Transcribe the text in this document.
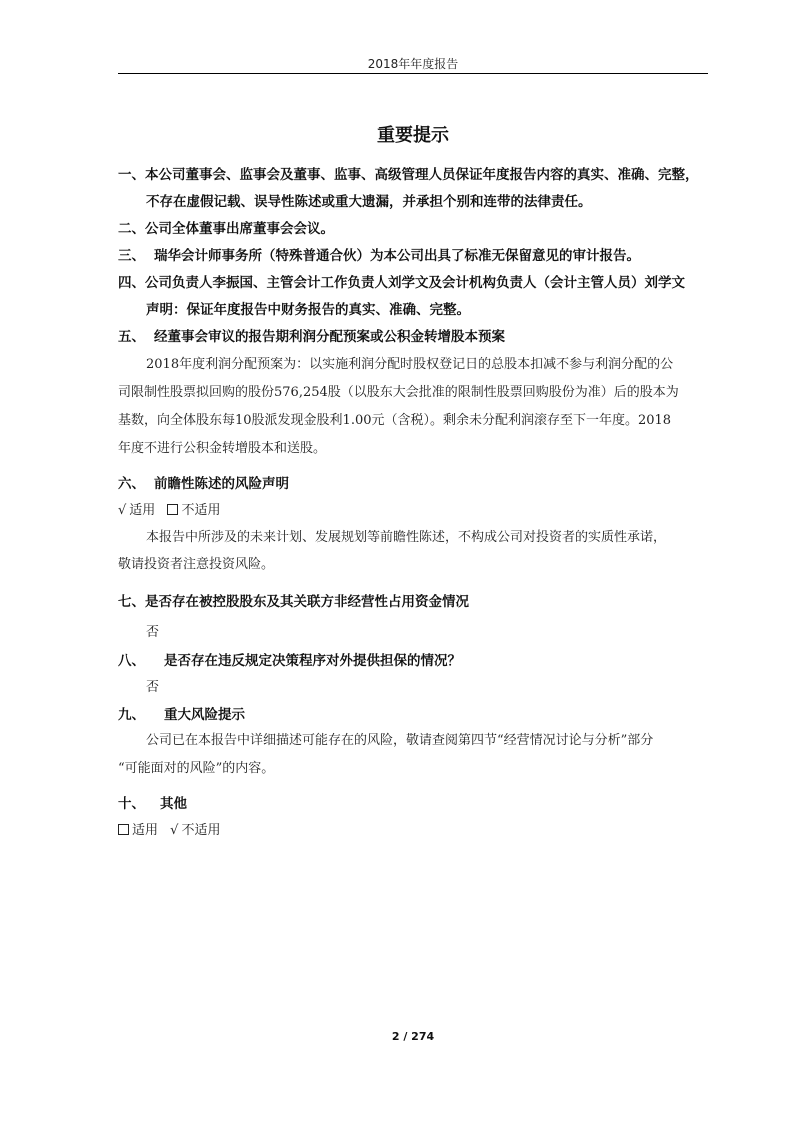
2018年年度报告
重要提示
一、本公司董事会、监事会及董事、监事、高级管理人员保证年度报告内容的真实、准确、完整，
不存在虚假记载、误导性陈述或重大遗漏，并承担个别和连带的法律责任。
二、公司全体董事出席董事会会议。
三、 瑞华会计师事务所（特殊普通合伙）为本公司出具了标准无保留意见的审计报告。
四、公司负责人李振国、主管会计工作负责人刘学文及会计机构负责人（会计主管人员）刘学文
声明：保证年度报告中财务报告的真实、准确、完整。
五、 经董事会审议的报告期利润分配预案或公积金转增股本预案
2018年度利润分配预案为：以实施利润分配时股权登记日的总股本扣减不参与利润分配的公
司限制性股票拟回购的股份576,254股（以股东大会批准的限制性股票回购股份为准）后的股本为
基数，向全体股东每10股派发现金股利1.00元（含税）。剩余未分配利润滚存至下一年度。2018
年度不进行公积金转增股本和送股。
六、 前瞻性陈述的风险声明
√ 适用 不适用
本报告中所涉及的未来计划、发展规划等前瞻性陈述，不构成公司对投资者的实质性承诺，
敬请投资者注意投资风险。
七、是否存在被控股股东及其关联方非经营性占用资金情况
否
八、 是否存在违反规定决策程序对外提供担保的情况？
否
九、 重大风险提示
公司已在本报告中详细描述可能存在的风险，敬请查阅第四节“经营情况讨论与分析”部分
“可能面对的风险”的内容。
十、 其他
适用 √ 不适用
2 / 274
